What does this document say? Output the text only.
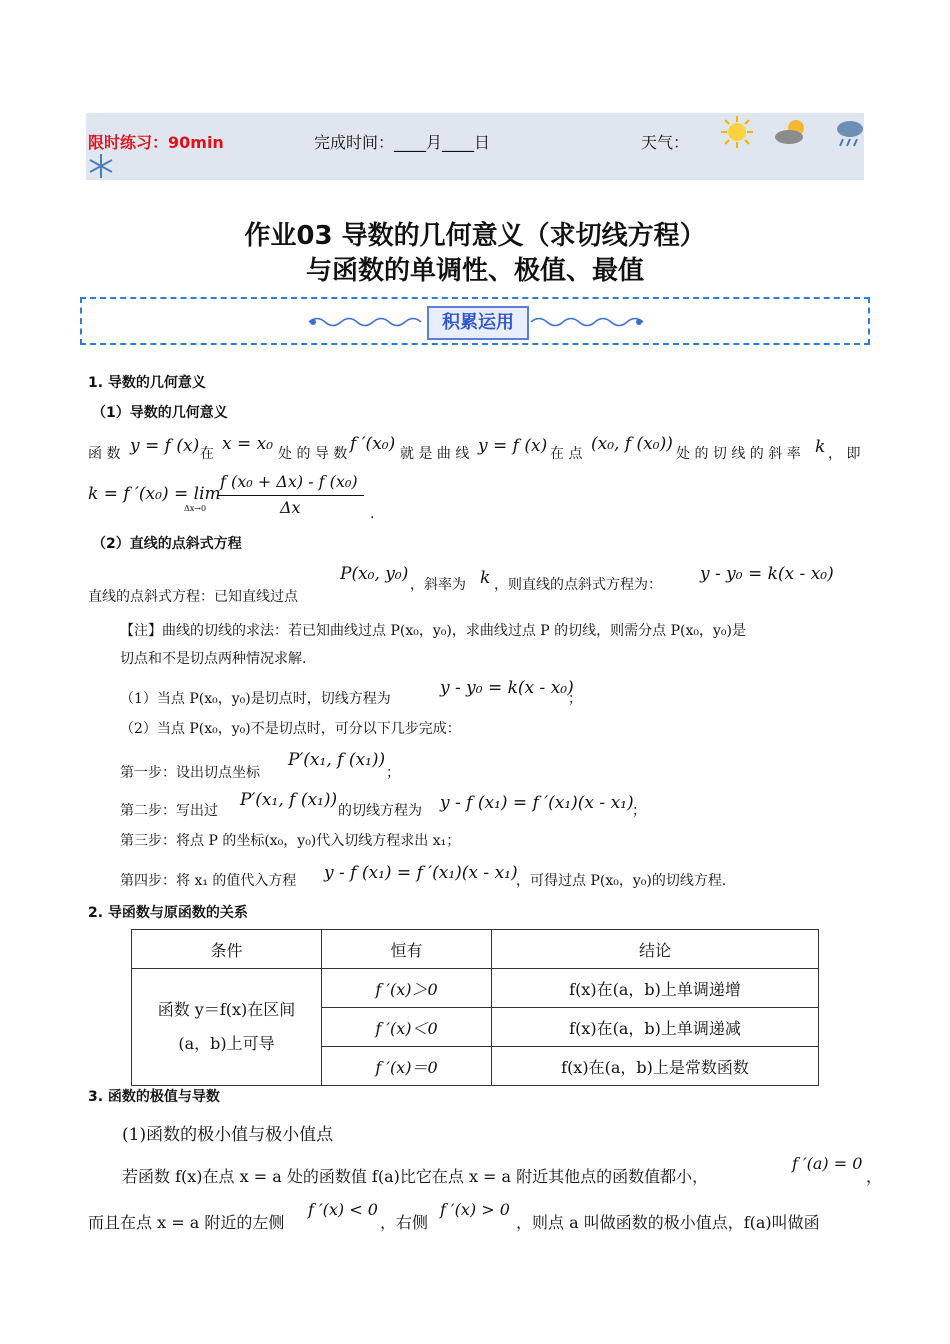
限时练习：90min	完成时间：____月____日	天气：
作业03 导数的几何意义（求切线方程）
与函数的单调性、极值、最值
积累运用
1. 导数的几何意义
（1）导数的几何意义
函 数 y = f (x) 在 x = x₀ 处 的 导 数 f ′(x₀) 就 是 曲 线 y = f (x) 在 点 (x₀, f (x₀)) 处 的 切 线 的 斜 率 k ， 即
k = f ′(x₀) = lim
Δx→0
f (x₀ + Δx) - f (x₀)
Δx	.
（2）直线的点斜式方程
P(x₀, y₀)
，斜率为 k ，则直线的点斜式方程为：
y - y₀ = k(x - x₀)
直线的点斜式方程：已知直线过点
【注】曲线的切线的求法：若已知曲线过点 P(x₀，y₀)，求曲线过点 P 的切线，则需分点 P(x₀，y₀)是
切点和不是切点两种情况求解.
（1）当点 P(x₀，y₀)是切点时，切线方程为
y - y₀ = k(x - x₀)
；
（2）当点 P(x₀，y₀)不是切点时，可分以下几步完成：
第一步：设出切点坐标
P′(x₁, f (x₁))
；
第二步：写出过
P′(x₁, f (x₁))
的切线方程为 y - f (x₁) = f ′(x₁)(x - x₁)
；
第三步：将点 P 的坐标(x₀，y₀)代入切线方程求出 x₁；
第四步：将 x₁ 的值代入方程 y - f (x₁) = f ′(x₁)(x - x₁)
，可得过点 P(x₀，y₀)的切线方程.
2. 导函数与原函数的关系
条件	恒有	结论

函数 y＝f(x)在区间
(a，b)上可导	f ′(x)＞0	f(x)在(a，b)上单调递增
	f ′(x)＜0	f(x)在(a，b)上单调递减
	f ′(x)＝0	f(x)在(a，b)上是常数函数
3. 函数的极值与导数
(1)函数的极小值与极小值点
若函数 f(x)在点 x = a 处的函数值 f(a)比它在点 x = a 附近其他点的函数值都小，
f ′(a) = 0
，
而且在点 x = a 附近的左侧
f ′(x) < 0
，右侧
f ′(x) > 0
，则点 a 叫做函数的极小值点，f(a)叫做函
